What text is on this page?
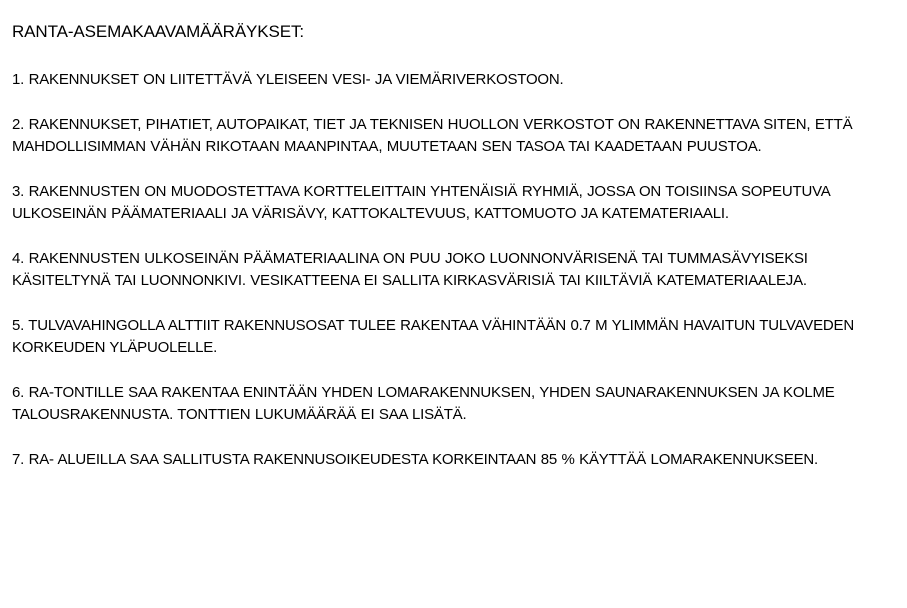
RANTA-ASEMAKAAVAMÄÄRÄYKSET:

1. RAKENNUKSET ON LIITETTÄVÄ YLEISEEN VESI- JA VIEMÄRIVERKOSTOON.

2. RAKENNUKSET, PIHATIET, AUTOPAIKAT, TIET JA TEKNISEN HUOLLON VERKOSTOT ON RAKENNETTAVA SITEN, ETTÄ MAHDOLLISIMMAN VÄHÄN RIKOTAAN MAANPINTAA, MUUTETAAN SEN TASOA TAI KAADETAAN PUUSTOA.

3. RAKENNUSTEN ON MUODOSTETTAVA KORTTELEITTAIN YHTENÄISIÄ RYHMIÄ, JOSSA ON TOISIINSA SOPEUTUVA ULKOSEINÄN PÄÄMATERIAALI JA VÄRISÄVY, KATTOKALTEVUUS, KATTOMUOTO JA KATEMATERIAALI.

4. RAKENNUSTEN ULKOSEINÄN PÄÄMATERIAALINA ON PUU JOKO LUONNONVÄRISENÄ TAI TUMMASÄVYISEKSI KÄSITELTYNÄ TAI LUONNONKIVI. VESIKATTEENA EI SALLITA KIRKASVÄRISIÄ TAI KIILTÄVIÄ KATEMATERIAALEJA.

5. TULVAVAHINGOLLA ALTTIIT RAKENNUSOSAT TULEE RAKENTAA VÄHINTÄÄN 0.7 M YLIMMÄN HAVAITUN TULVAVEDEN KORKEUDEN YLÄPUOLELLE.

6. RA-TONTILLE SAA RAKENTAA ENINTÄÄN YHDEN LOMARAKENNUKSEN, YHDEN SAUNARAKENNUKSEN JA KOLME TALOUSRAKENNUSTA. TONTTIEN LUKUMÄÄRÄÄ EI SAA LISÄTÄ.

7. RA- ALUEILLA SAA SALLITUSTA RAKENNUSOIKEUDESTA KORKEINTAAN 85 % KÄYTTÄÄ LOMARAKENNUKSEEN.
